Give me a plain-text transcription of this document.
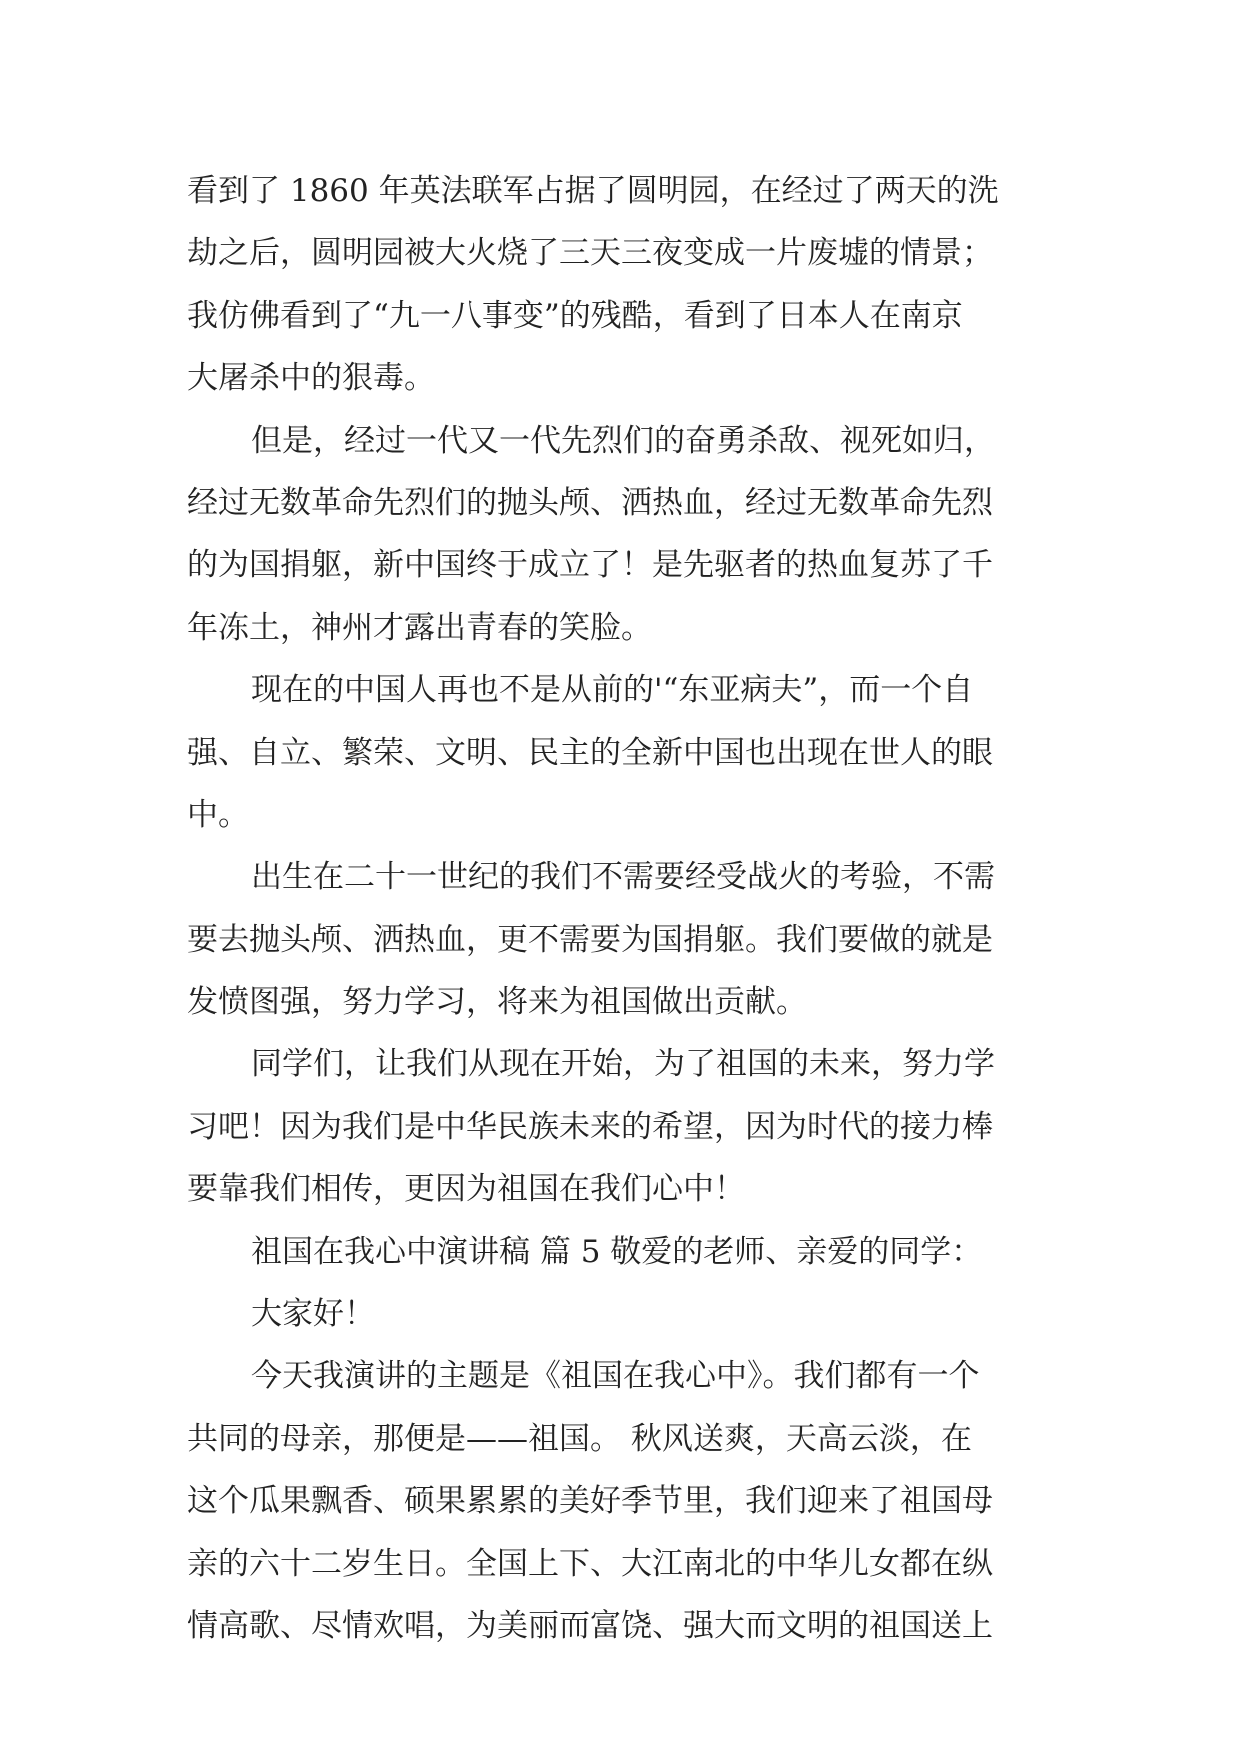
看到了 1860 年英法联军占据了圆明园，在经过了两天的洗
劫之后，圆明园被大火烧了三天三夜变成一片废墟的情景；
我仿佛看到了“九一八事变”的残酷，看到了日本人在南京
大屠杀中的狠毒。
但是，经过一代又一代先烈们的奋勇杀敌、视死如归，
经过无数革命先烈们的抛头颅、洒热血，经过无数革命先烈
的为国捐躯，新中国终于成立了！是先驱者的热血复苏了千
年冻土，神州才露出青春的笑脸。
现在的中国人再也不是从前的'“东亚病夫”，而一个自
强、自立、繁荣、文明、民主的全新中国也出现在世人的眼
中。
出生在二十一世纪的我们不需要经受战火的考验，不需
要去抛头颅、洒热血，更不需要为国捐躯。我们要做的就是
发愤图强，努力学习，将来为祖国做出贡献。
同学们，让我们从现在开始，为了祖国的未来，努力学
习吧！因为我们是中华民族未来的希望，因为时代的接力棒
要靠我们相传，更因为祖国在我们心中！
祖国在我心中演讲稿 篇 5 敬爱的老师、亲爱的同学：
大家好！
今天我演讲的主题是《祖国在我心中》。我们都有一个
共同的母亲，那便是——祖国。 秋风送爽，天高云淡，在
这个瓜果飘香、硕果累累的美好季节里，我们迎来了祖国母
亲的六十二岁生日。全国上下、大江南北的中华儿女都在纵
情高歌、尽情欢唱，为美丽而富饶、强大而文明的祖国送上
